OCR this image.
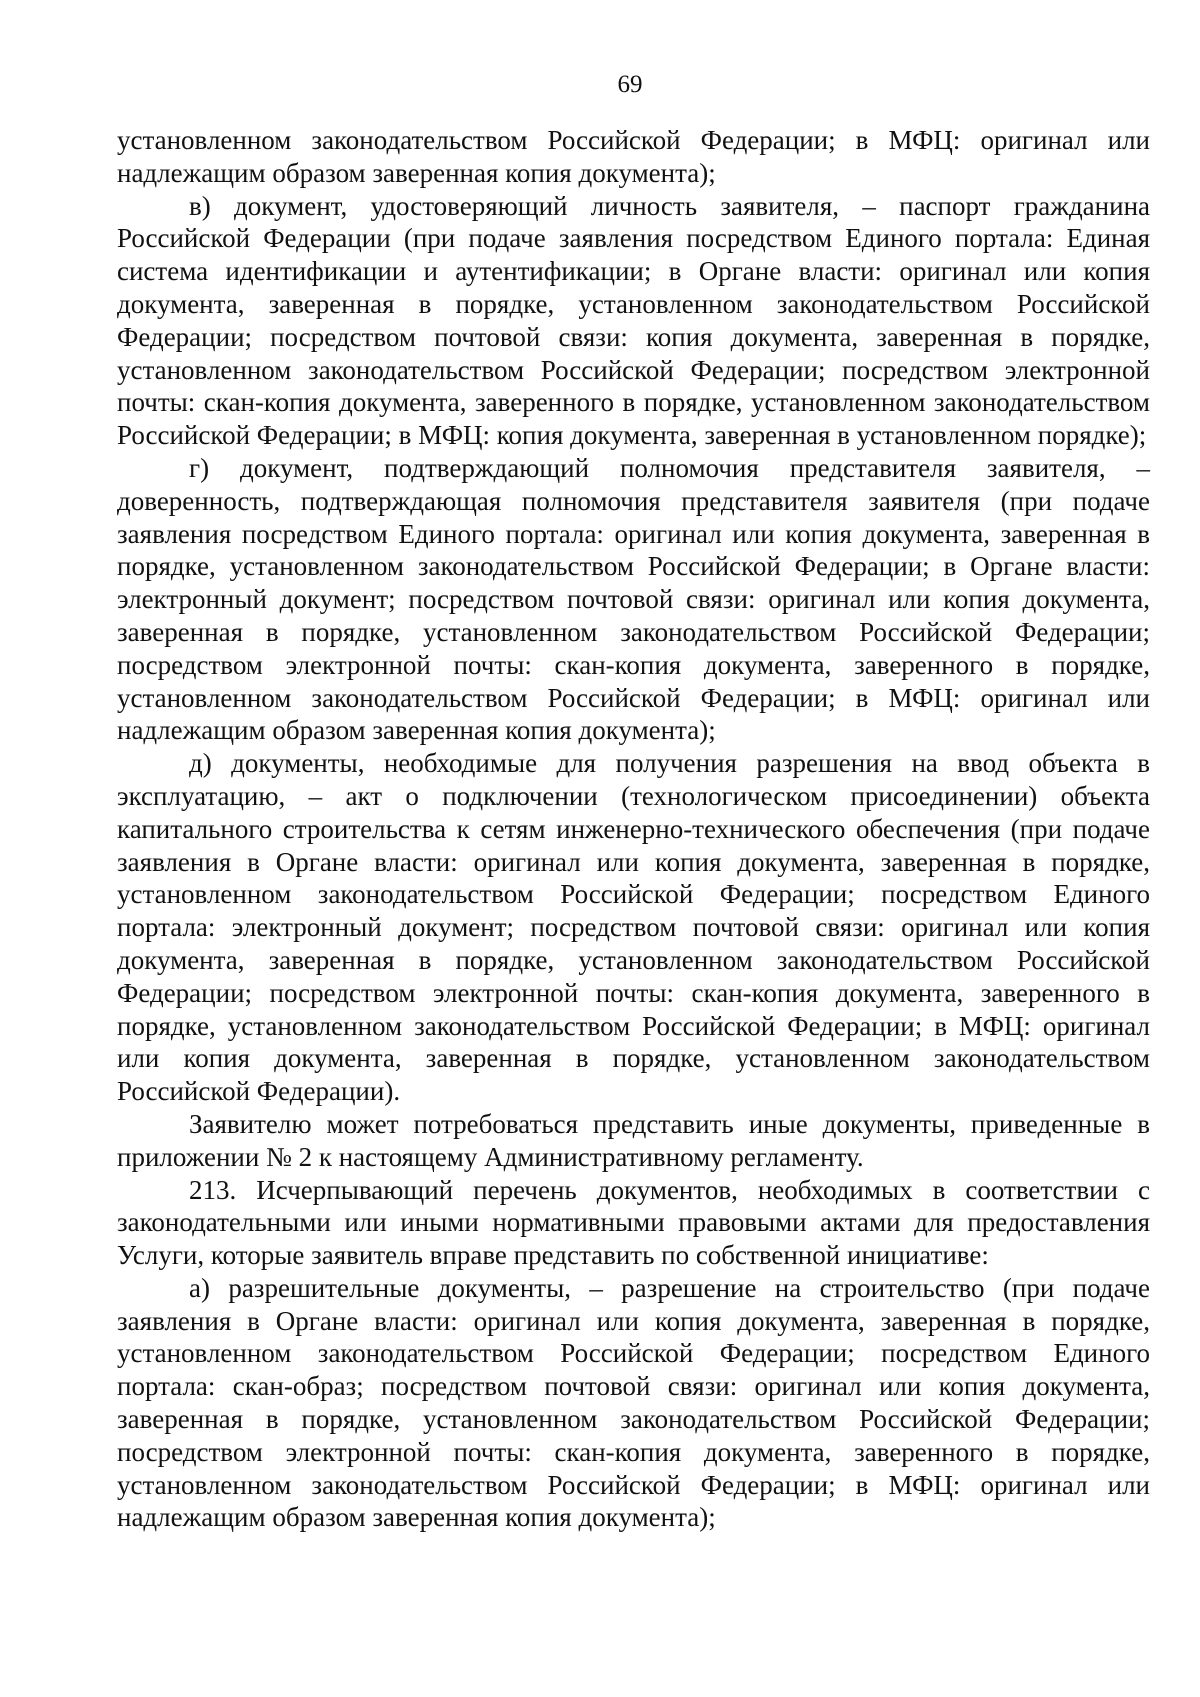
69

установленном законодательством Российской Федерации; в МФЦ: оригинал или надлежащим образом заверенная копия документа);

в) документ, удостоверяющий личность заявителя, – паспорт гражданина Российской Федерации (при подаче заявления посредством Единого портала: Единая система идентификации и аутентификации; в Органе власти: оригинал или копия документа, заверенная в порядке, установленном законодательством Российской Федерации; посредством почтовой связи: копия документа, заверенная в порядке, установленном законодательством Российской Федерации; посредством электронной почты: скан-копия документа, заверенного в порядке, установленном законодательством Российской Федерации; в МФЦ: копия документа, заверенная в установленном порядке);

г) документ, подтверждающий полномочия представителя заявителя, – доверенность, подтверждающая полномочия представителя заявителя (при подаче заявления посредством Единого портала: оригинал или копия документа, заверенная в порядке, установленном законодательством Российской Федерации; в Органе власти: электронный документ; посредством почтовой связи: оригинал или копия документа, заверенная в порядке, установленном законодательством Российской Федерации; посредством электронной почты: скан-копия документа, заверенного в порядке, установленном законодательством Российской Федерации; в МФЦ: оригинал или надлежащим образом заверенная копия документа);

д) документы, необходимые для получения разрешения на ввод объекта в эксплуатацию, – акт о подключении (технологическом присоединении) объекта капитального строительства к сетям инженерно-технического обеспечения (при подаче заявления в Органе власти: оригинал или копия документа, заверенная в порядке, установленном законодательством Российской Федерации; посредством Единого портала: электронный документ; посредством почтовой связи: оригинал или копия документа, заверенная в порядке, установленном законодательством Российской Федерации; посредством электронной почты: скан-копия документа, заверенного в порядке, установленном законодательством Российской Федерации; в МФЦ: оригинал или копия документа, заверенная в порядке, установленном законодательством Российской Федерации).

Заявителю может потребоваться представить иные документы, приведенные в приложении № 2 к настоящему Административному регламенту.

213. Исчерпывающий перечень документов, необходимых в соответствии с законодательными или иными нормативными правовыми актами для предоставления Услуги, которые заявитель вправе представить по собственной инициативе:

а) разрешительные документы, – разрешение на строительство (при подаче заявления в Органе власти: оригинал или копия документа, заверенная в порядке, установленном законодательством Российской Федерации; посредством Единого портала: скан-образ; посредством почтовой связи: оригинал или копия документа, заверенная в порядке, установленном законодательством Российской Федерации; посредством электронной почты: скан-копия документа, заверенного в порядке, установленном законодательством Российской Федерации; в МФЦ: оригинал или надлежащим образом заверенная копия документа);
